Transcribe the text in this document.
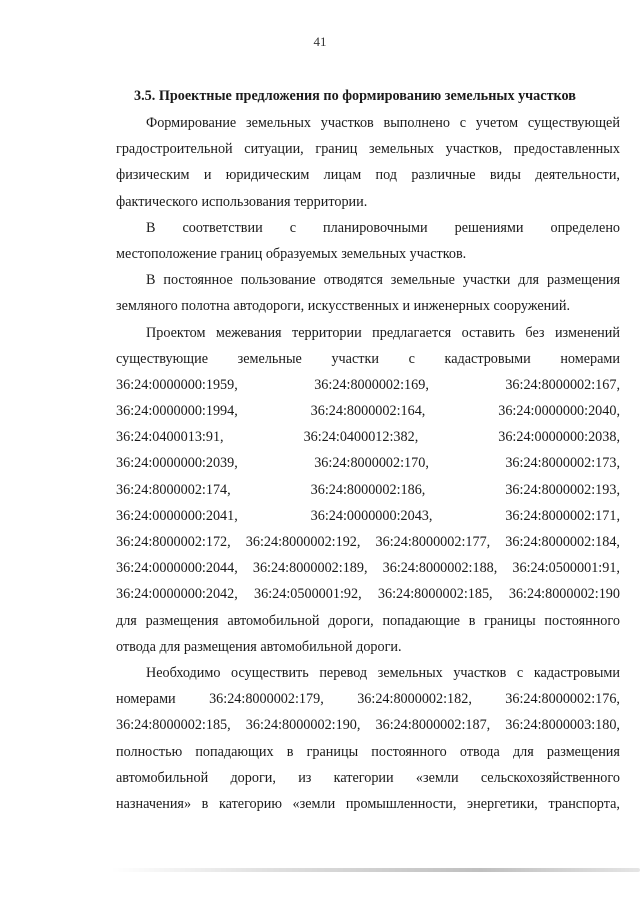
41
3.5. Проектные предложения по формированию земельных участков
Формирование земельных участков выполнено с учетом существующей
градостроительной ситуации, границ земельных участков, предоставленных
физическим и юридическим лицам под различные виды деятельности,
фактического использования территории.
В соответствии с планировочными решениями определено
местоположение границ образуемых земельных участков.
В постоянное пользование отводятся земельные участки для размещения
земляного полотна автодороги, искусственных и инженерных сооружений.
Проектом межевания территории предлагается оставить без изменений
существующие земельные участки с кадастровыми номерами
36:24:0000000:1959,	36:24:8000002:169,	36:24:8000002:167,
36:24:0000000:1994,	36:24:8000002:164,	36:24:0000000:2040,
36:24:0400013:91,	36:24:0400012:382,	36:24:0000000:2038,
36:24:0000000:2039,	36:24:8000002:170,	36:24:8000002:173,
36:24:8000002:174,	36:24:8000002:186,	36:24:8000002:193,
36:24:0000000:2041,	36:24:0000000:2043,	36:24:8000002:171,
36:24:8000002:172, 36:24:8000002:192, 36:24:8000002:177, 36:24:8000002:184,
36:24:0000000:2044, 36:24:8000002:189, 36:24:8000002:188, 36:24:0500001:91,
36:24:0000000:2042, 36:24:0500001:92, 36:24:8000002:185, 36:24:8000002:190
для размещения автомобильной дороги, попадающие в границы постоянного
отвода для размещения автомобильной дороги.
Необходимо осуществить перевод земельных участков с кадастровыми
номерами 36:24:8000002:179, 36:24:8000002:182, 36:24:8000002:176,
36:24:8000002:185, 36:24:8000002:190, 36:24:8000002:187, 36:24:8000003:180,
полностью попадающих в границы постоянного отвода для размещения
автомобильной дороги, из категории «земли сельскохозяйственного
назначения» в категорию «земли промышленности, энергетики, транспорта,
